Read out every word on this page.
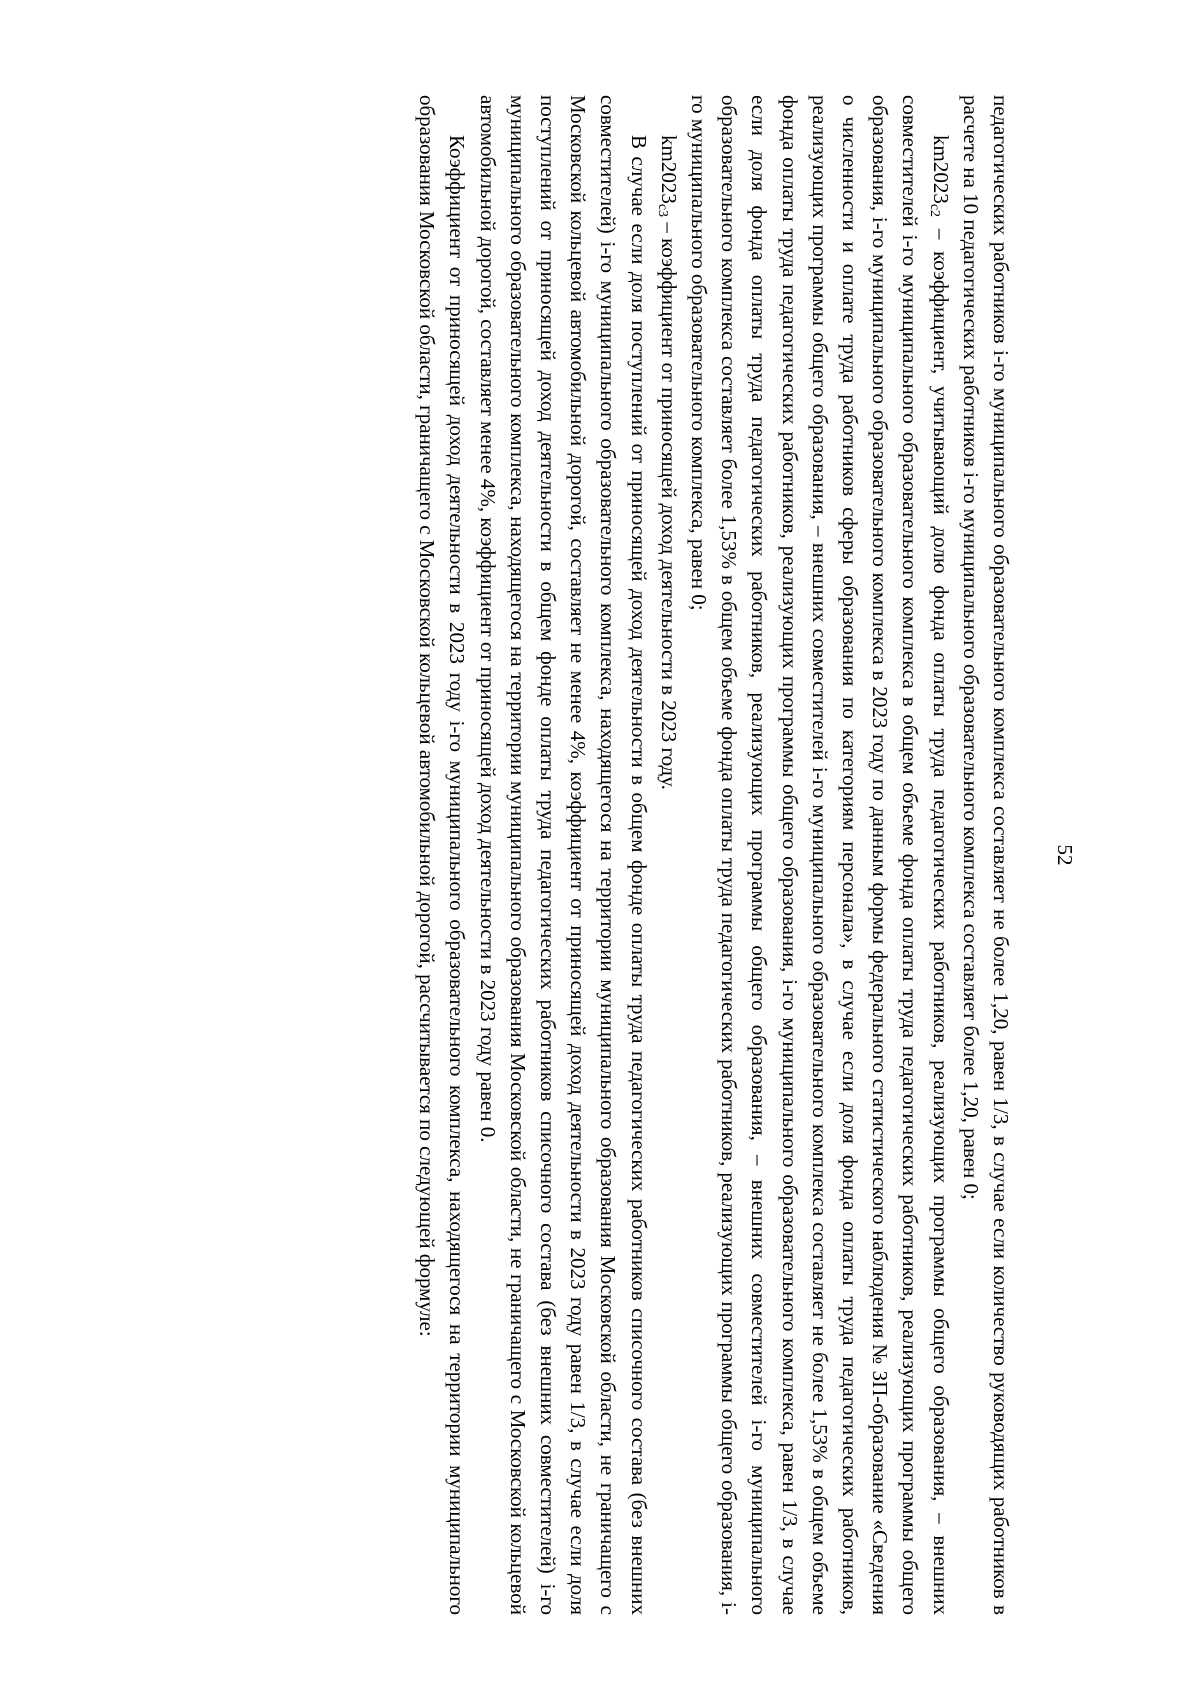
52

педагогических работников i-го муниципального образовательного комплекса составляет не более 1,20, равен 1/3, в случае если количество руководящих работников в расчете на 10 педагогических работников i-го муниципального образовательного комплекса составляет более 1,20, равен 0;

$km2023_{c2}$ – коэффициент, учитывающий долю фонда оплаты труда педагогических работников, реализующих программы общего образования, – внешних совместителей i-го муниципального образовательного комплекса в общем объеме фонда оплаты труда педагогических работников, реализующих программы общего образования, i-го муниципального образовательного комплекса в 2023 году по данным формы федерального статистического наблюдения № ЗП-образование «Сведения о численности и оплате труда работников сферы образования по категориям персонала», в случае если доля фонда оплаты труда педагогических работников, реализующих программы общего образования, – внешних совместителей i-го муниципального образовательного комплекса составляет не более 1,53% в общем объеме фонда оплаты труда педагогических работников, реализующих программы общего образования, i-го муниципального образовательного комплекса, равен 1/3, в случае если доля фонда оплаты труда педагогических работников, реализующих программы общего образования, – внешних совместителей i-го муниципального образовательного комплекса составляет более 1,53% в общем объеме фонда оплаты труда педагогических работников, реализующих программы общего образования, i-го муниципального образовательного комплекса, равен 0;

$km2023_{c3}$ – коэффициент от приносящей доход деятельности в 2023 году.

В случае если доля поступлений от приносящей доход деятельности в общем фонде оплаты труда педагогических работников списочного состава (без внешних совместителей) i-го муниципального образовательного комплекса, находящегося на территории муниципального образования Московской области, не граничащего с Московской кольцевой автомобильной дорогой, составляет не менее 4%, коэффициент от приносящей доход деятельности в 2023 году равен 1/3, в случае если доля поступлений от приносящей доход деятельности в общем фонде оплаты труда педагогических работников списочного состава (без внешних совместителей) i-го муниципального образовательного комплекса, находящегося на территории муниципального образования Московской области, не граничащего с Московской кольцевой автомобильной дорогой, составляет менее 4%, коэффициент от приносящей доход деятельности в 2023 году равен 0.

Коэффициент от приносящей доход деятельности в 2023 году i-го муниципального образовательного комплекса, находящегося на территории муниципального образования Московской области, граничащего с Московской кольцевой автомобильной дорогой, рассчитывается по следующей формуле:
